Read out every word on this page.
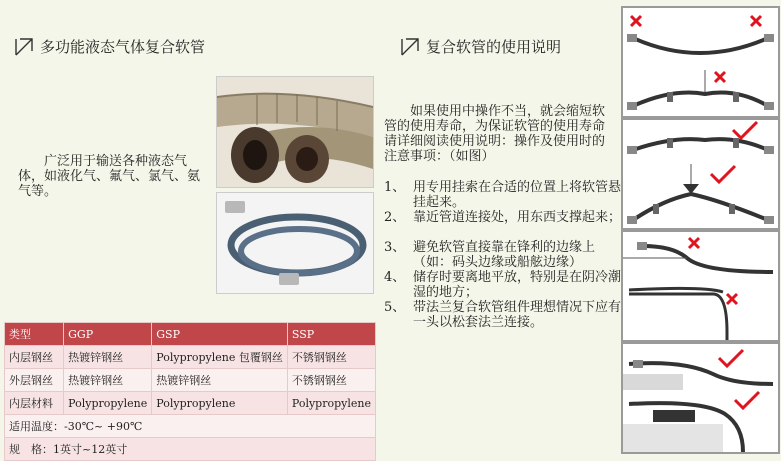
多功能液态气体复合软管
广泛用于输送各种液态气体，如液化气、氟气、氯气、氨气等。
类型	GGP	GSP	SSP
内层钢丝	热镀锌钢丝	Polypropylene 包覆钢丝	不锈钢钢丝
外层钢丝	热镀锌钢丝	热镀锌钢丝	不锈钢钢丝
内层材料	Polypropylene	Polypropylene	Polypropylene
适用温度：-30℃~ +90℃			
规　格：1英寸~12英寸			
复合软管的使用说明
如果使用中操作不当，就会缩短软管的使用寿命，为保证软管的使用寿命请详细阅读使用说明：操作及使用时的注意事项：（如图）
1、 用专用挂索在合适的位置上将软管悬挂起来。
2、 靠近管道连接处，用东西支撑起来；
3、 避免软管直接靠在锋利的边缘上（如：码头边缘或船舷边缘）
4、 储存时要离地平放，特别是在阴冷潮湿的地方；
5、 带法兰复合软管组件理想情况下应有一头以松套法兰连接。
